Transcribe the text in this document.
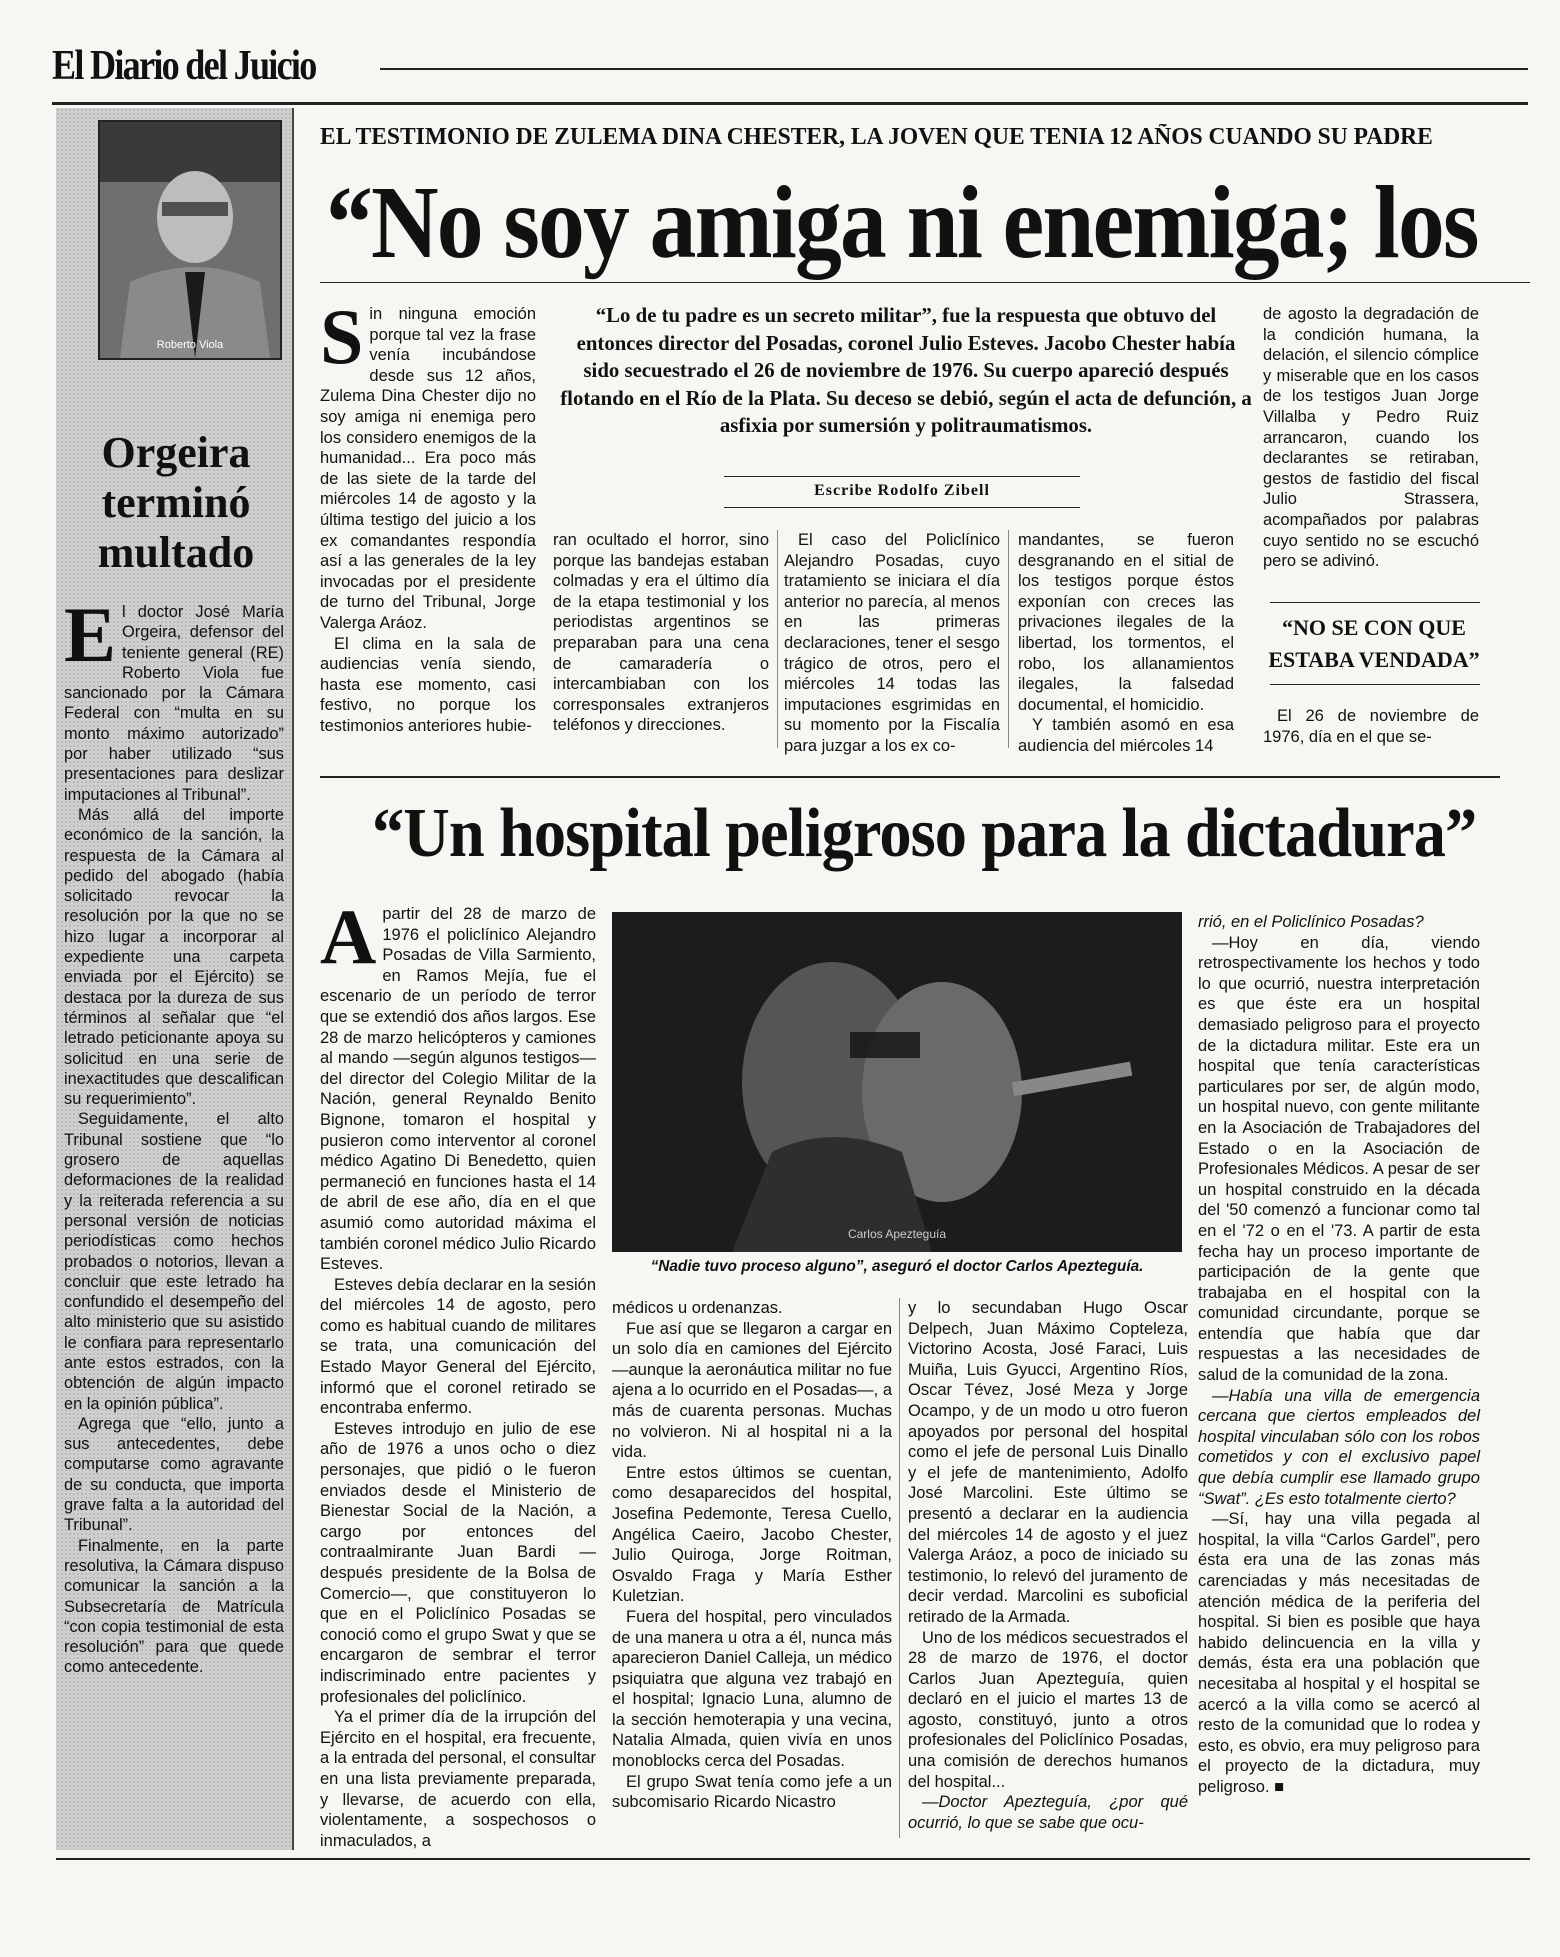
El Diario del Juicio
Roberto Viola
Orgeira terminó multado
E l doctor José María Orgeira, defensor del teniente general (RE) Roberto Viola fue sancionado por la Cámara Federal con “multa en su monto máximo autorizado” por haber utilizado “sus presentaciones para deslizar imputaciones al Tribunal”.

Más allá del importe económico de la sanción, la respuesta de la Cámara al pedido del abogado (había solicitado revocar la resolución por la que no se hizo lugar a incorporar al expediente una carpeta enviada por el Ejército) se destaca por la dureza de sus términos al señalar que “el letrado peticionante apoya su solicitud en una serie de inexactitudes que descalifican su requerimiento”.

Seguidamente, el alto Tribunal sostiene que “lo grosero de aquellas deformaciones de la realidad y la reiterada referencia a su personal versión de noticias periodísticas como hechos probados o notorios, llevan a concluir que este letrado ha confundido el desempeño del alto ministerio que su asistido le confiara para representarlo ante estos estrados, con la obtención de algún impacto en la opinión pública”.

Agrega que “ello, junto a sus antecedentes, debe computarse como agravante de su conducta, que importa grave falta a la autoridad del Tribunal”.

Finalmente, en la parte resolutiva, la Cámara dispuso comunicar la sanción a la Subsecretaría de Matrícula “con copia testimonial de esta resolución” para que quede como antecedente.

EL TESTIMONIO DE ZULEMA DINA CHESTER, LA JOVEN QUE TENIA 12 AÑOS CUANDO SU PADRE
“No soy amiga ni enemiga; los
S in ninguna emoción porque tal vez la frase venía incubándose desde sus 12 años, Zulema Dina Chester dijo no soy amiga ni enemiga pero los considero enemigos de la humanidad... Era poco más de las siete de la tarde del miércoles 14 de agosto y la última testigo del juicio a los ex comandantes respondía así a las generales de la ley invocadas por el presidente de turno del Tribunal, Jorge Valerga Aráoz.

El clima en la sala de audiencias venía siendo, hasta ese momento, casi festivo, no porque los testimonios anteriores hubie-

“Lo de tu padre es un secreto militar”, fue la respuesta que obtuvo del entonces director del Posadas, coronel Julio Esteves. Jacobo Chester había sido secuestrado el 26 de noviembre de 1976. Su cuerpo apareció después flotando en el Río de la Plata. Su deceso se debió, según el acta de defunción, a asfixia por sumersión y politraumatismos.
Escribe Rodolfo Zibell

ran ocultado el horror, sino porque las bandejas estaban colmadas y era el último día de la etapa testimonial y los periodistas argentinos se preparaban para una cena de camaradería o intercambiaban con los corresponsales extranjeros teléfonos y direcciones.

El caso del Policlínico Alejandro Posadas, cuyo tratamiento se iniciara el día anterior no parecía, al menos en las primeras declaraciones, tener el sesgo trágico de otros, pero el miércoles 14 todas las imputaciones esgrimidas en su momento por la Fiscalía para juzgar a los ex co-

mandantes, se fueron desgranando en el sitial de los testigos porque éstos exponían con creces las privaciones ilegales de la libertad, los tormentos, el robo, los allanamientos ilegales, la falsedad documental, el homicidio.

Y también asomó en esa audiencia del miércoles 14

de agosto la degradación de la condición humana, la delación, el silencio cómplice y miserable que en los casos de los testigos Juan Jorge Villalba y Pedro Ruiz arrancaron, cuando los declarantes se retiraban, gestos de fastidio del fiscal Julio Strassera, acompañados por palabras cuyo sentido no se escuchó pero se adivinó.

“NO SE CON QUE ESTABA VENDADA”

El 26 de noviembre de 1976, día en el que se-

“Un hospital peligroso para la dictadura”
A partir del 28 de marzo de 1976 el policlínico Alejandro Posadas de Villa Sarmiento, en Ramos Mejía, fue el escenario de un período de terror que se extendió dos años largos. Ese 28 de marzo helicópteros y camiones al mando —según algunos testigos— del director del Colegio Militar de la Nación, general Reynaldo Benito Bignone, tomaron el hospital y pusieron como interventor al coronel médico Agatino Di Benedetto, quien permaneció en funciones hasta el 14 de abril de ese año, día en el que asumió como autoridad máxima el también coronel médico Julio Ricardo Esteves.

Esteves debía declarar en la sesión del miércoles 14 de agosto, pero como es habitual cuando de militares se trata, una comunicación del Estado Mayor General del Ejército, informó que el coronel retirado se encontraba enfermo.

Esteves introdujo en julio de ese año de 1976 a unos ocho o diez personajes, que pidió o le fueron enviados desde el Ministerio de Bienestar Social de la Nación, a cargo por entonces del contraalmirante Juan Bardi —después presidente de la Bolsa de Comercio—, que constituyeron lo que en el Policlínico Posadas se conoció como el grupo Swat y que se encargaron de sembrar el terror indiscriminado entre pacientes y profesionales del policlínico.

Ya el primer día de la irrupción del Ejército en el hospital, era frecuente, a la entrada del personal, el consultar en una lista previamente preparada, y llevarse, de acuerdo con ella, violentamente, a sospechosos o inmaculados, a

Carlos Apezteguía
“Nadie tuvo proceso alguno”, aseguró el doctor Carlos Apezteguía.

médicos u ordenanzas.

Fue así que se llegaron a cargar en un solo día en camiones del Ejército —aunque la aeronáutica militar no fue ajena a lo ocurrido en el Posadas—, a más de cuarenta personas. Muchas no volvieron. Ni al hospital ni a la vida.

Entre estos últimos se cuentan, como desaparecidos del hospital, Josefina Pedemonte, Teresa Cuello, Angélica Caeiro, Jacobo Chester, Julio Quiroga, Jorge Roitman, Osvaldo Fraga y María Esther Kuletzian.

Fuera del hospital, pero vinculados de una manera u otra a él, nunca más aparecieron Daniel Calleja, un médico psiquiatra que alguna vez trabajó en el hospital; Ignacio Luna, alumno de la sección hemoterapia y una vecina, Natalia Almada, quien vivía en unos monoblocks cerca del Posadas.

El grupo Swat tenía como jefe a un subcomisario Ricardo Nicastro

y lo secundaban Hugo Oscar Delpech, Juan Máximo Copteleza, Victorino Acosta, José Faraci, Luis Muiña, Luis Gyucci, Argentino Ríos, Oscar Tévez, José Meza y Jorge Ocampo, y de un modo u otro fueron apoyados por personal del hospital como el jefe de personal Luis Dinallo y el jefe de mantenimiento, Adolfo José Marcolini. Este último se presentó a declarar en la audiencia del miércoles 14 de agosto y el juez Valerga Aráoz, a poco de iniciado su testimonio, lo relevó del juramento de decir verdad. Marcolini es suboficial retirado de la Armada.

Uno de los médicos secuestrados el 28 de marzo de 1976, el doctor Carlos Juan Apezteguía, quien declaró en el juicio el martes 13 de agosto, constituyó, junto a otros profesionales del Policlínico Posadas, una comisión de derechos humanos del hospital...

—Doctor Apezteguía, ¿por qué ocurrió, lo que se sabe que ocu-

rrió, en el Policlínico Posadas?

—Hoy en día, viendo retrospectivamente los hechos y todo lo que ocurrió, nuestra interpretación es que éste era un hospital demasiado peligroso para el proyecto de la dictadura militar. Este era un hospital que tenía características particulares por ser, de algún modo, un hospital nuevo, con gente militante en la Asociación de Trabajadores del Estado o en la Asociación de Profesionales Médicos. A pesar de ser un hospital construido en la década del '50 comenzó a funcionar como tal en el '72 o en el '73. A partir de esta fecha hay un proceso importante de participación de la gente que trabajaba en el hospital con la comunidad circundante, porque se entendía que había que dar respuestas a las necesidades de salud de la comunidad de la zona.

—Había una villa de emergencia cercana que ciertos empleados del hospital vinculaban sólo con los robos cometidos y con el exclusivo papel que debía cumplir ese llamado grupo “Swat”. ¿Es esto totalmente cierto?

—Sí, hay una villa pegada al hospital, la villa “Carlos Gardel”, pero ésta era una de las zonas más carenciadas y más necesitadas de atención médica de la periferia del hospital. Si bien es posible que haya habido delincuencia en la villa y demás, ésta era una población que necesitaba al hospital y el hospital se acercó a la villa como se acercó al resto de la comunidad que lo rodea y esto, es obvio, era muy peligroso para el proyecto de la dictadura, muy peligroso. ■
